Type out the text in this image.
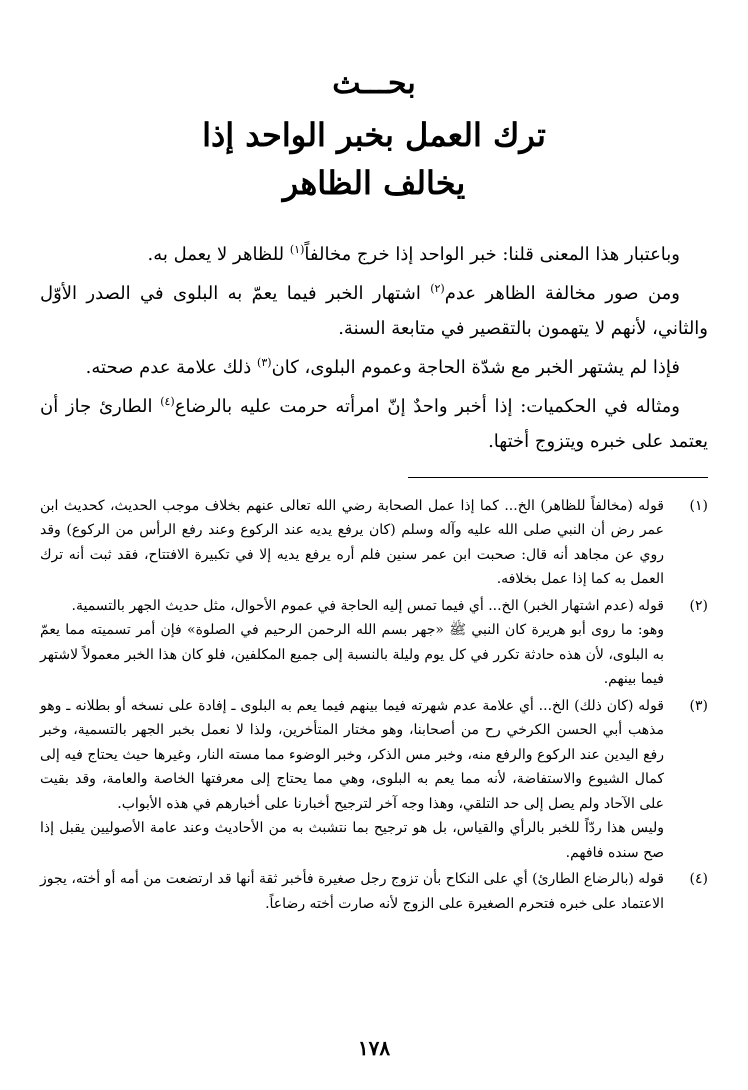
بحـــث
ترك العمل بخبر الواحد إذا
يخالف الظاهر

وباعتبار هذا المعنى قلنا: خبر الواحد إذا خرج مخالفاً$^{(١)}$ للظاهر لا يعمل به.

ومن صور مخالفة الظاهر عدم$^{(٢)}$ اشتهار الخبر فيما يعمّ به البلوى في الصدر الأوّل والثاني، لأنهم لا يتهمون بالتقصير في متابعة السنة.

فإذا لم يشتهر الخبر مع شدّة الحاجة وعموم البلوى، كان$^{(٣)}$ ذلك علامة عدم صحته.

ومثاله في الحكميات: إذا أخبر واحدٌ إنّ امرأته حرمت عليه بالرضاع$^{(٤)}$ الطارئ جاز أن يعتمد على خبره ويتزوج أختها.

(١)

قوله (مخالفاً للظاهر) الخ... كما إذا عمل الصحابة رضي الله تعالى عنهم بخلاف موجب الحديث، كحديث ابن عمر رض أن النبي صلى الله عليه وآله وسلم (كان يرفع يديه عند الركوع وعند رفع الرأس من الركوع) وقد روي عن مجاهد أنه قال: صحبت ابن عمر سنين فلم أره يرفع يديه إلا في تكبيرة الافتتاح، فقد ثبت أنه ترك العمل به كما إذا عمل بخلافه.

(٢)

قوله (عدم اشتهار الخبر) الخ... أي فيما تمس إليه الحاجة في عموم الأحوال، مثل حديث الجهر بالتسمية.

وهو: ما روى أبو هريرة كان النبي ﷺ «جهر بسم الله الرحمن الرحيم في الصلوة» فإن أمر تسميته مما يعمّ به البلوى، لأن هذه حادثة تكرر في كل يوم وليلة بالنسبة إلى جميع المكلفين، فلو كان هذا الخبر معمولاً لاشتهر فيما بينهم.

(٣)

قوله (كان ذلك) الخ... أي علامة عدم شهرته فيما بينهم فيما يعم به البلوى ـ إفادة على نسخه أو بطلانه ـ وهو مذهب أبي الحسن الكرخي رح من أصحابنا، وهو مختار المتأخرين، ولذا لا نعمل بخبر الجهر بالتسمية، وخبر رفع اليدين عند الركوع والرفع منه، وخبر مس الذكر، وخبر الوضوء مما مسته النار، وغيرها حيث يحتاج فيه إلى كمال الشيوع والاستفاضة، لأنه مما يعم به البلوى، وهي مما يحتاج إلى معرفتها الخاصة والعامة، وقد بقيت على الآحاد ولم يصل إلى حد التلقي، وهذا وجه آخر لترجيح أخبارنا على أخبارهم في هذه الأبواب.

وليس هذا ردّاً للخبر بالرأي والقياس، بل هو ترجيح بما نتشبث به من الأحاديث وعند عامة الأصوليين يقبل إذا صح سنده فافهم.

(٤)

قوله (بالرضاع الطارئ) أي على النكاح بأن تزوج رجل صغيرة فأخبر ثقة أنها قد ارتضعت من أمه أو أخته، يجوز الاعتماد على خبره فتحرم الصغيرة على الزوج لأنه صارت أخته رضاعاً.

١٧٨
